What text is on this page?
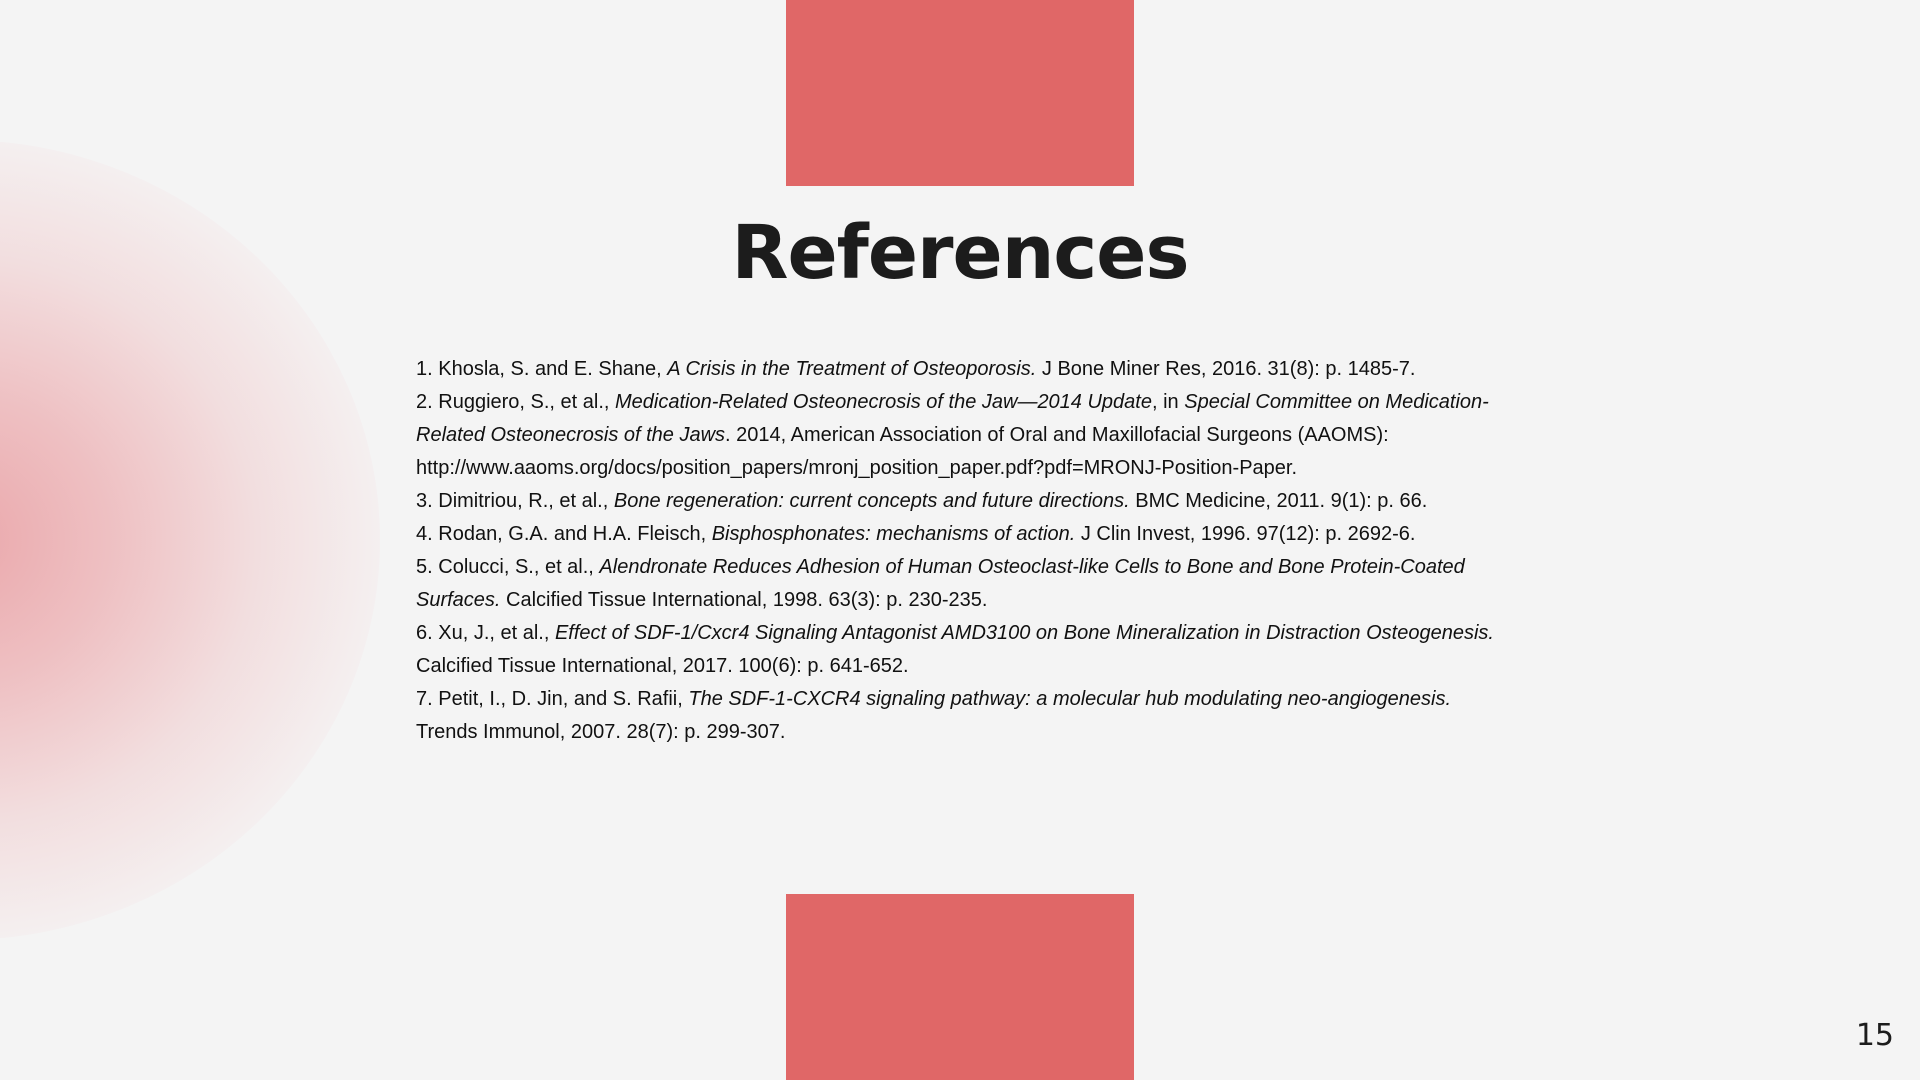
References
1. Khosla, S. and E. Shane, A Crisis in the Treatment of Osteoporosis. J Bone Miner Res, 2016. 31(8): p. 1485-7.
2. Ruggiero, S., et al., Medication-Related Osteonecrosis of the Jaw—2014 Update, in Special Committee on Medication-Related Osteonecrosis of the Jaws. 2014, American Association of Oral and Maxillofacial Surgeons (AAOMS): http://www.aaoms.org/docs/position_papers/mronj_position_paper.pdf?pdf=MRONJ-Position-Paper.
3. Dimitriou, R., et al., Bone regeneration: current concepts and future directions. BMC Medicine, 2011. 9(1): p. 66.
4. Rodan, G.A. and H.A. Fleisch, Bisphosphonates: mechanisms of action. J Clin Invest, 1996. 97(12): p. 2692-6.
5. Colucci, S., et al., Alendronate Reduces Adhesion of Human Osteoclast-like Cells to Bone and Bone Protein-Coated Surfaces. Calcified Tissue International, 1998. 63(3): p. 230-235.
6. Xu, J., et al., Effect of SDF-1/Cxcr4 Signaling Antagonist AMD3100 on Bone Mineralization in Distraction Osteogenesis. Calcified Tissue International, 2017. 100(6): p. 641-652.
7. Petit, I., D. Jin, and S. Rafii, The SDF-1-CXCR4 signaling pathway: a molecular hub modulating neo-angiogenesis. Trends Immunol, 2007. 28(7): p. 299-307.
15
